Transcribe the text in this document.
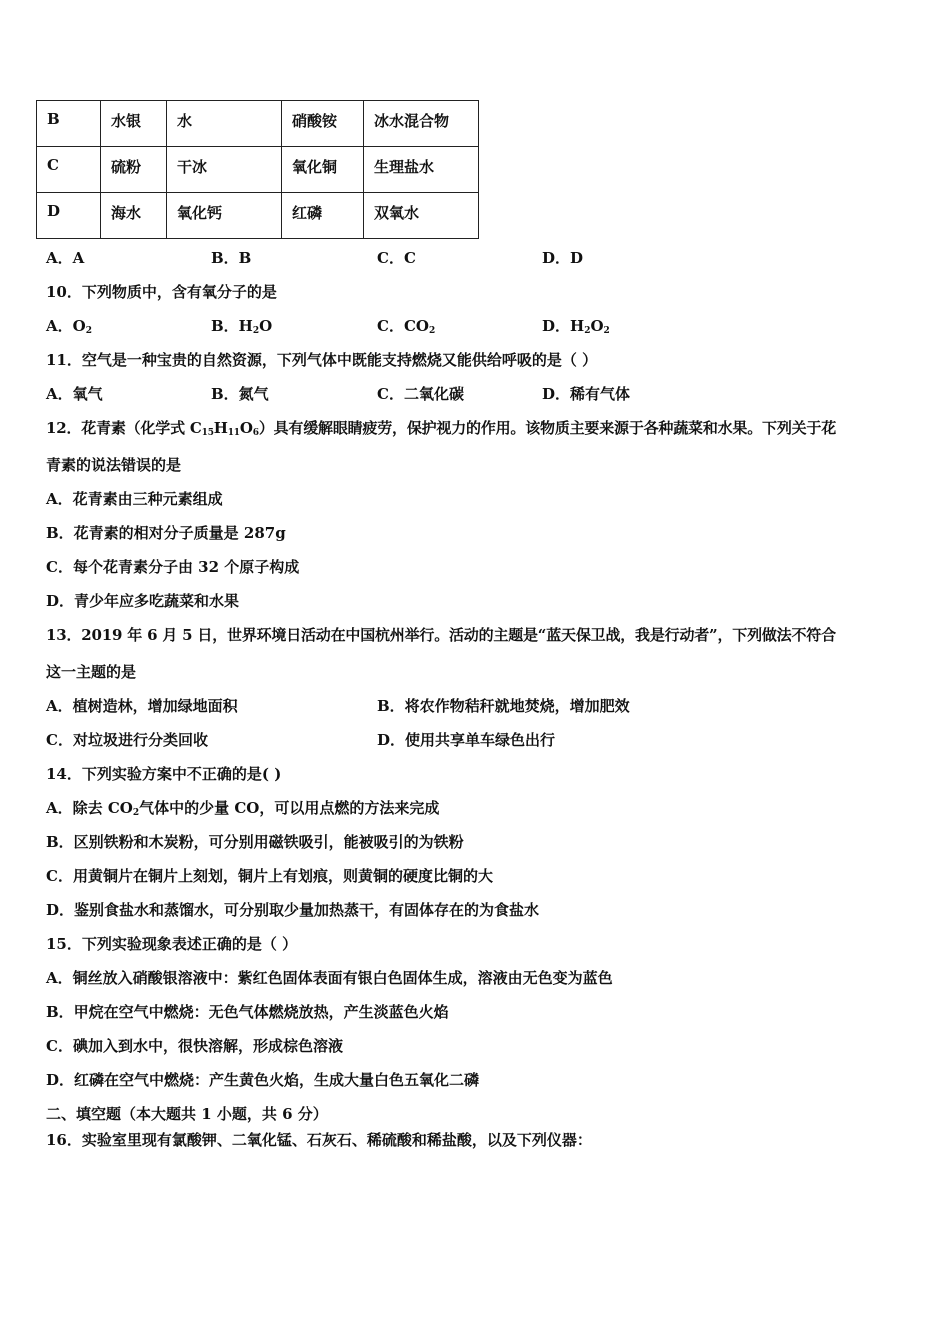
B	水银	水	硝酸铵	冰水混合物
C	硫粉	干冰	氧化铜	生理盐水
D	海水	氧化钙	红磷	双氧水
A．A	B．B	C．C	D．D
10．下列物质中，含有氧分子的是
A．$O_2$	B．$H_2O$	C．$CO_2$	D．$H_2O_2$
11．空气是一种宝贵的自然资源，下列气体中既能支持燃烧又能供给呼吸的是（ ）
A．氧气	B．氮气	C．二氧化碳	D．稀有气体
12．花青素（化学式 $C_{15}H_{11}O_6$）具有缓解眼睛疲劳，保护视力的作用。该物质主要来源于各种蔬菜和水果。下列关于花
青素的说法错误的是
A．花青素由三种元素组成
B．花青素的相对分子质量是 287g
C．每个花青素分子由 32 个原子构成
D．青少年应多吃蔬菜和水果
13．2019 年 6 月 5 日，世界环境日活动在中国杭州举行。活动的主题是“蓝天保卫战，我是行动者”，下列做法不符合
这一主题的是
A．植树造林，增加绿地面积	B．将农作物秸秆就地焚烧，增加肥效
C．对垃圾进行分类回收	D．使用共享单车绿色出行
14．下列实验方案中不正确的是( )
A．除去 $CO_2$气体中的少量 CO，可以用点燃的方法来完成
B．区别铁粉和木炭粉，可分别用磁铁吸引，能被吸引的为铁粉
C．用黄铜片在铜片上刻划，铜片上有划痕，则黄铜的硬度比铜的大
D．鉴别食盐水和蒸馏水，可分别取少量加热蒸干，有固体存在的为食盐水
15．下列实验现象表述正确的是（ ）
A．铜丝放入硝酸银溶液中：紫红色固体表面有银白色固体生成，溶液由无色变为蓝色
B．甲烷在空气中燃烧：无色气体燃烧放热，产生淡蓝色火焰
C．碘加入到水中，很快溶解，形成棕色溶液
D．红磷在空气中燃烧：产生黄色火焰，生成大量白色五氧化二磷
二、填空题（本大题共 1 小题，共 6 分）
16．实验室里现有氯酸钾、二氧化锰、石灰石、稀硫酸和稀盐酸，以及下列仪器：
